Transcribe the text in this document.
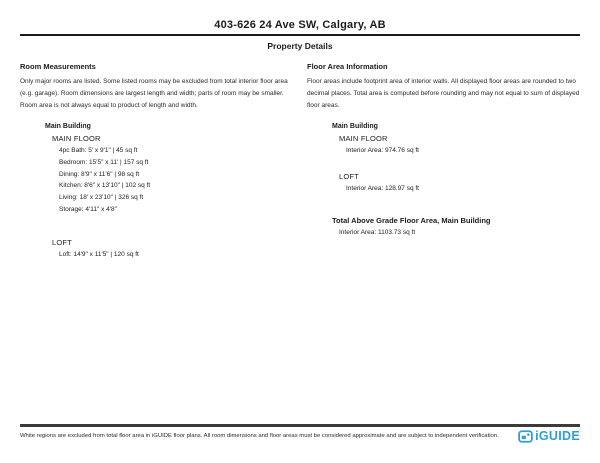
403-626 24 Ave SW, Calgary, AB
Property Details
Room Measurements

Only major rooms are listed. Some listed rooms may be excluded from total interior floor area (e.g. garage). Room dimensions are largest length and width; parts of room may be smaller. Room area is not always equal to product of length and width.

Main Building
MAIN FLOOR
4pc Bath: 5' x 9'1" | 45 sq ft
Bedroom: 15'5" x 11' | 157 sq ft
Dining: 8'9" x 11'6" | 98 sq ft
Kitchen: 8'6" x 13'10" | 102 sq ft
Living: 18' x 23'10" | 326 sq ft
Storage: 4'11" x 4'8"
LOFT
Loft: 14'9" x 11'5" | 120 sq ft
Floor Area Information

Floor areas include footprint area of interior walls. All displayed floor areas are rounded to two decimal places. Total area is computed before rounding and may not equal to sum of displayed floor areas.

Main Building
MAIN FLOOR
Interior Area: 974.76 sq ft
LOFT
Interior Area: 128.97 sq ft
Total Above Grade Floor Area, Main Building
Interior Area: 1103.73 sq ft
White regions are excluded from total floor area in iGUIDE floor plans. All room dimensions and floor areas must be considered approximate and are subject to independent verification.	iGUIDE
